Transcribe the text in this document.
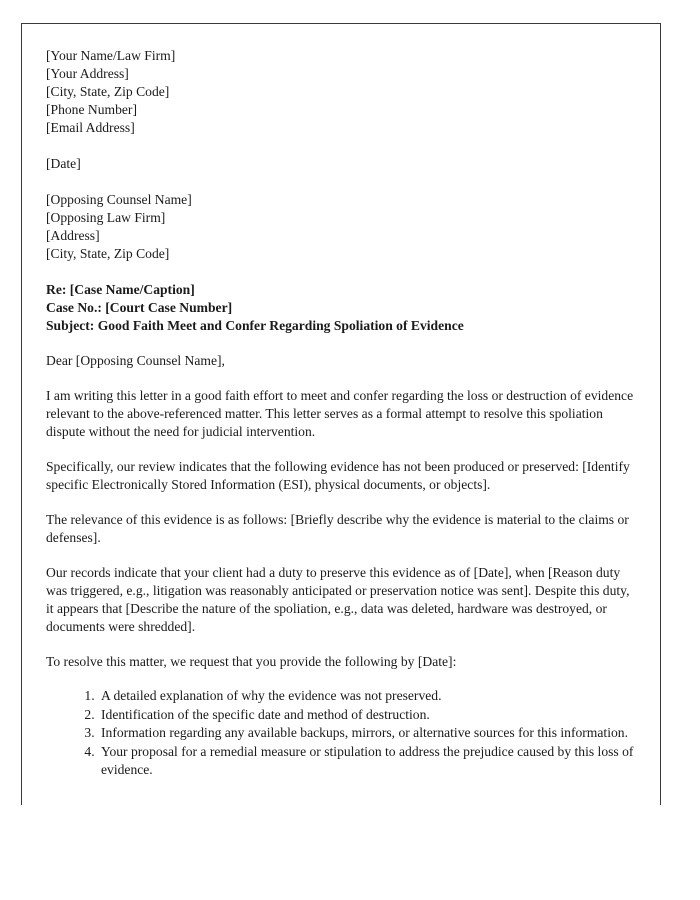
[Your Name/Law Firm]
[Your Address]
[City, State, Zip Code]
[Phone Number]
[Email Address]
[Date]
[Opposing Counsel Name]
[Opposing Law Firm]
[Address]
[City, State, Zip Code]
Re: [Case Name/Caption]
Case No.: [Court Case Number]
Subject: Good Faith Meet and Confer Regarding Spoliation of Evidence

Dear [Opposing Counsel Name],

I am writing this letter in a good faith effort to meet and confer regarding the loss or destruction of evidence relevant to the above-referenced matter. This letter serves as a formal attempt to resolve this spoliation dispute without the need for judicial intervention.

Specifically, our review indicates that the following evidence has not been produced or preserved: [Identify specific Electronically Stored Information (ESI), physical documents, or objects].

The relevance of this evidence is as follows: [Briefly describe why the evidence is material to the claims or defenses].

Our records indicate that your client had a duty to preserve this evidence as of [Date], when [Reason duty was triggered, e.g., litigation was reasonably anticipated or preservation notice was sent]. Despite this duty, it appears that [Describe the nature of the spoliation, e.g., data was deleted, hardware was destroyed, or documents were shredded].

To resolve this matter, we request that you provide the following by [Date]:

1. A detailed explanation of why the evidence was not preserved.
2. Identification of the specific date and method of destruction.
3. Information regarding any available backups, mirrors, or alternative sources for this information.
4. Your proposal for a remedial measure or stipulation to address the prejudice caused by this loss of evidence.
